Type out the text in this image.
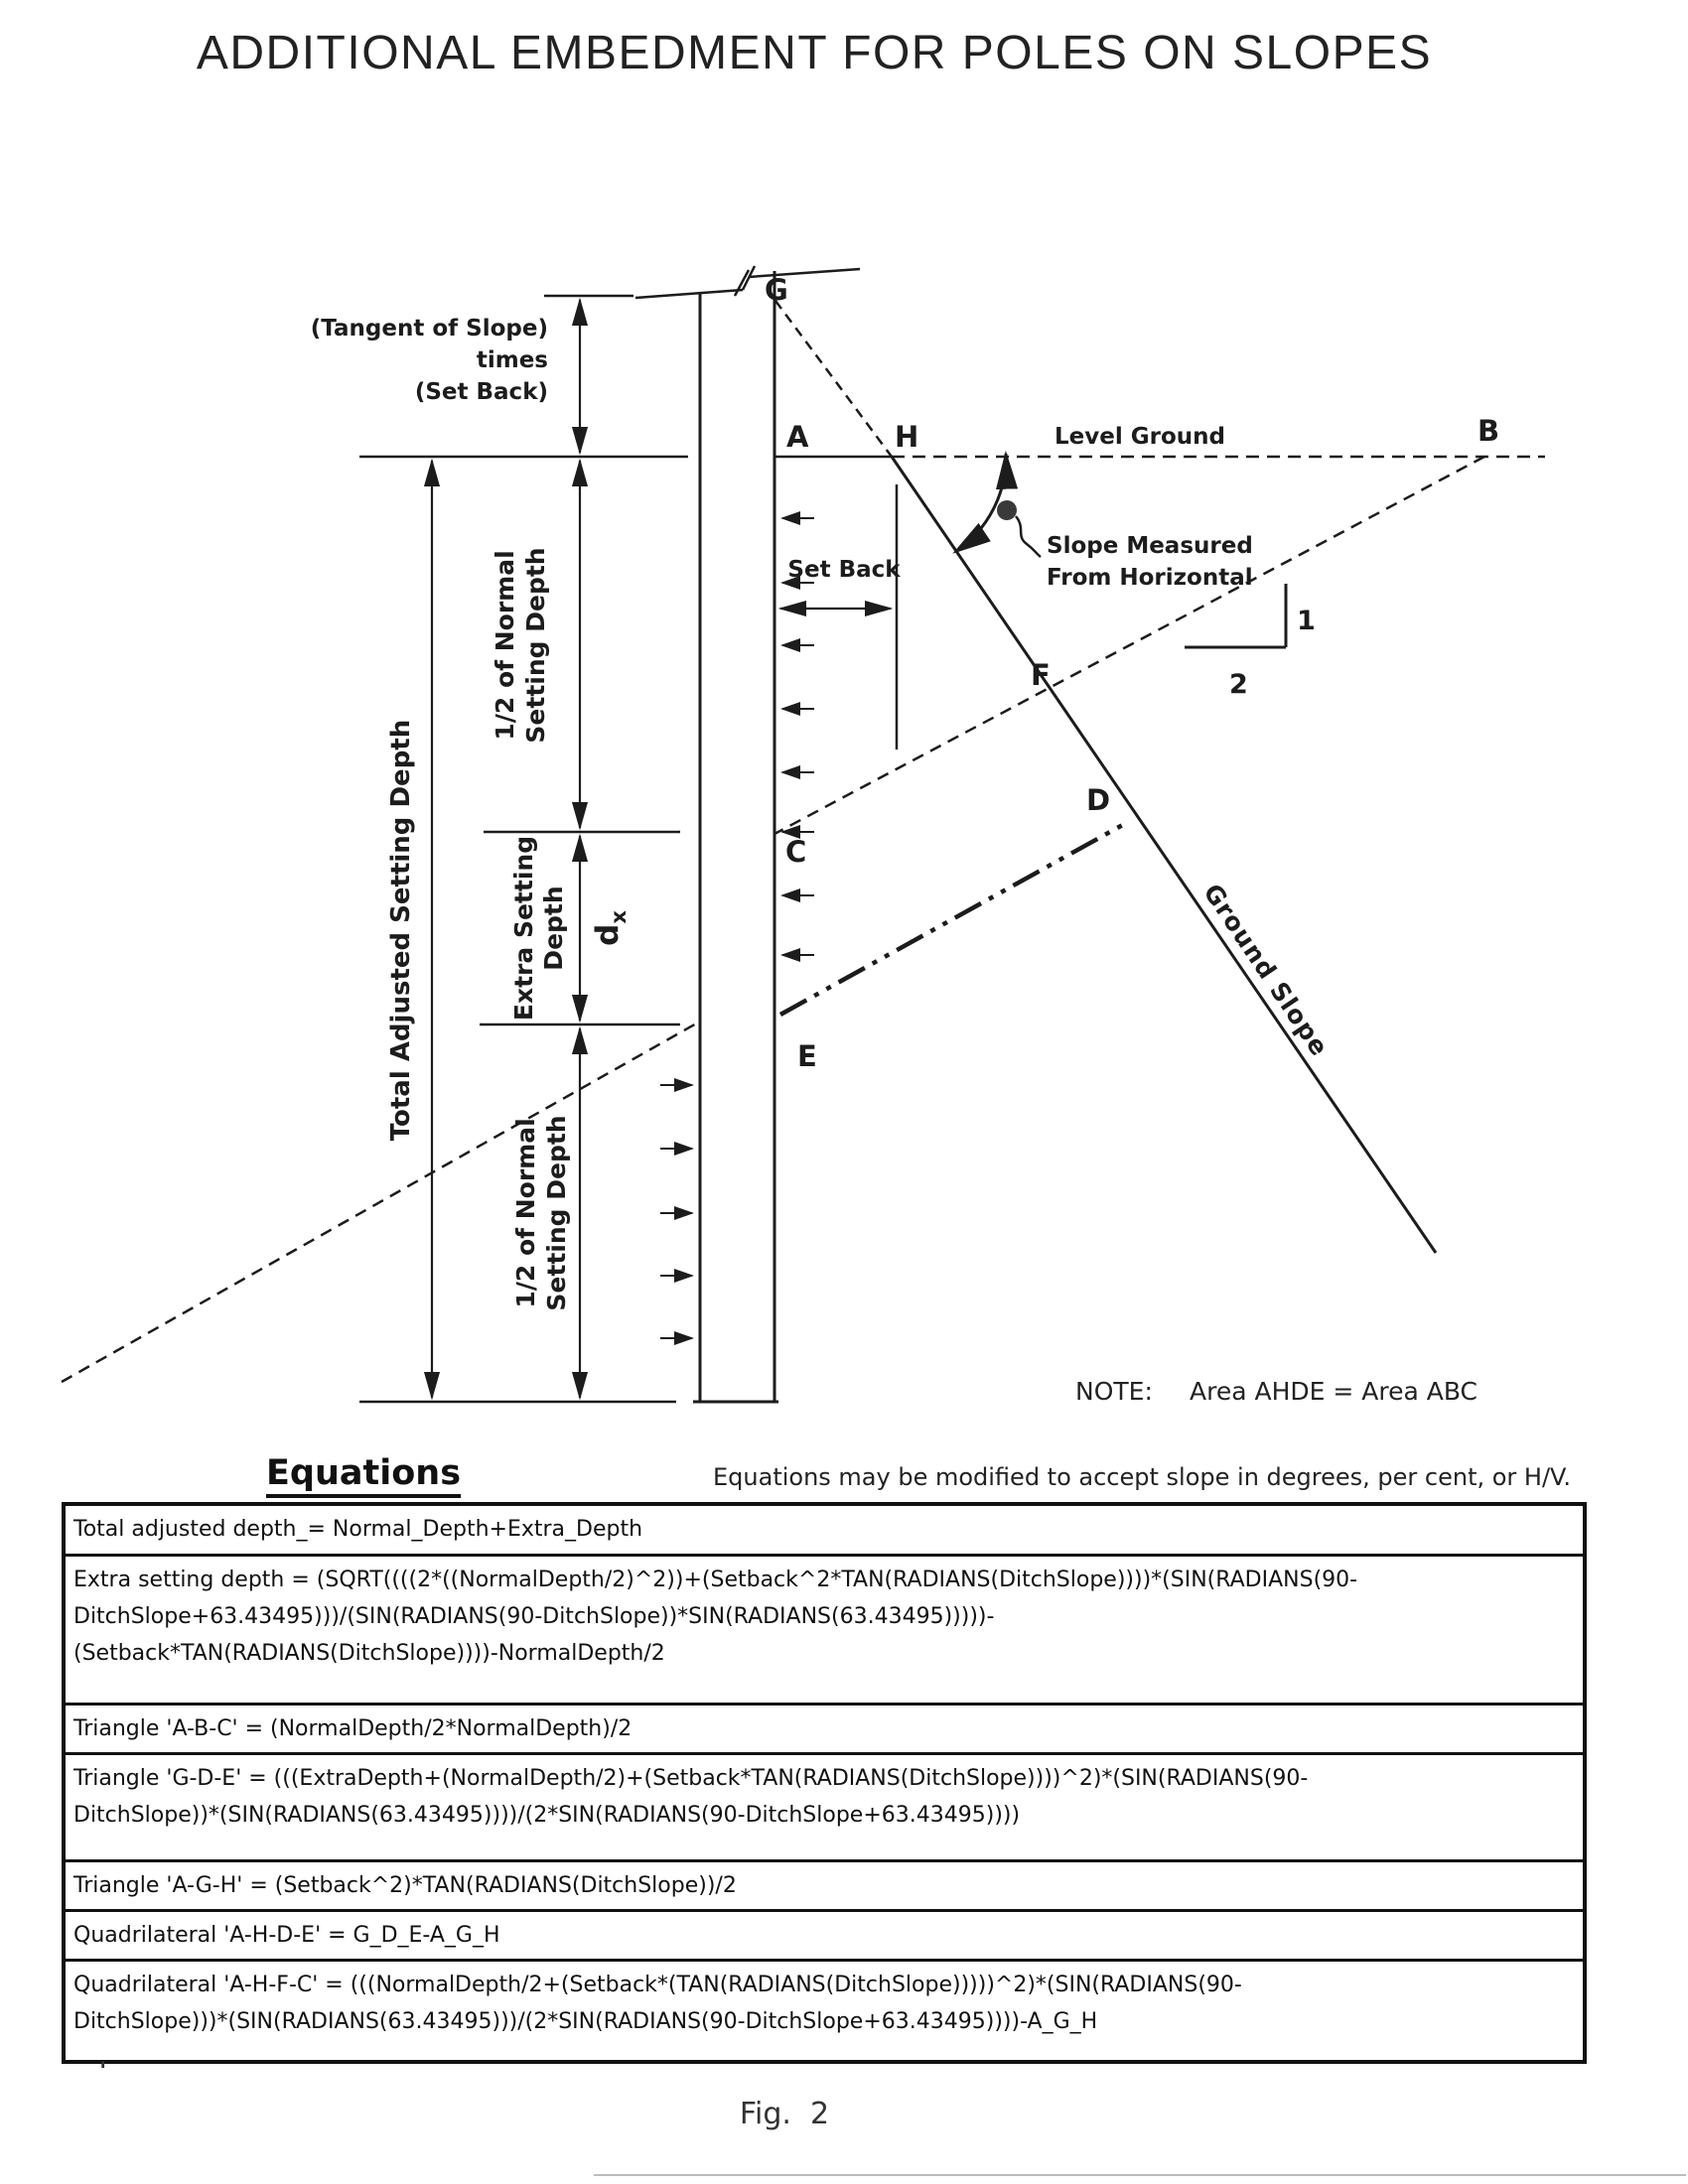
ADDITIONAL EMBEDMENT FOR POLES ON SLOPES
1
2
G
A	H	B
F
C
D
E
Level Ground
Slope Measured
From Horizontal
Set Back
Ground Slope
(Tangent of Slope)
times
(Set Back)
Total Adjusted Setting Depth
1/2 of Normal Setting Depth
Extra Setting Depth $d_x$
1/2 of Normal Setting Depth
NOTE: Area AHDE = Area ABC
Equations	Equations may be modified to accept slope in degrees, per cent, or H/V.
Total adjusted depth_= Normal_Depth+Extra_Depth
Extra setting depth = (SQRT((((2*((NormalDepth/2)^2))+(Setback^2*TAN(RADIANS(DitchSlope))))*(SIN(RADIANS(90-
DitchSlope+63.43495)))/(SIN(RADIANS(90-DitchSlope))*SIN(RADIANS(63.43495)))))-
(Setback*TAN(RADIANS(DitchSlope))))-NormalDepth/2
Triangle 'A-B-C' = (NormalDepth/2*NormalDepth)/2
Triangle 'G-D-E' = (((ExtraDepth+(NormalDepth/2)+(Setback*TAN(RADIANS(DitchSlope))))^2)*(SIN(RADIANS(90-
DitchSlope))*(SIN(RADIANS(63.43495))))/(2*SIN(RADIANS(90-DitchSlope+63.43495))))
Triangle 'A-G-H' = (Setback^2)*TAN(RADIANS(DitchSlope))/2
Quadrilateral 'A-H-D-E' = G_D_E-A_G_H
Quadrilateral 'A-H-F-C' = (((NormalDepth/2+(Setback*(TAN(RADIANS(DitchSlope)))))^2)*(SIN(RADIANS(90-
DitchSlope)))*(SIN(RADIANS(63.43495)))/(2*SIN(RADIANS(90-DitchSlope+63.43495))))-A_G_H
'
Fig.  2
